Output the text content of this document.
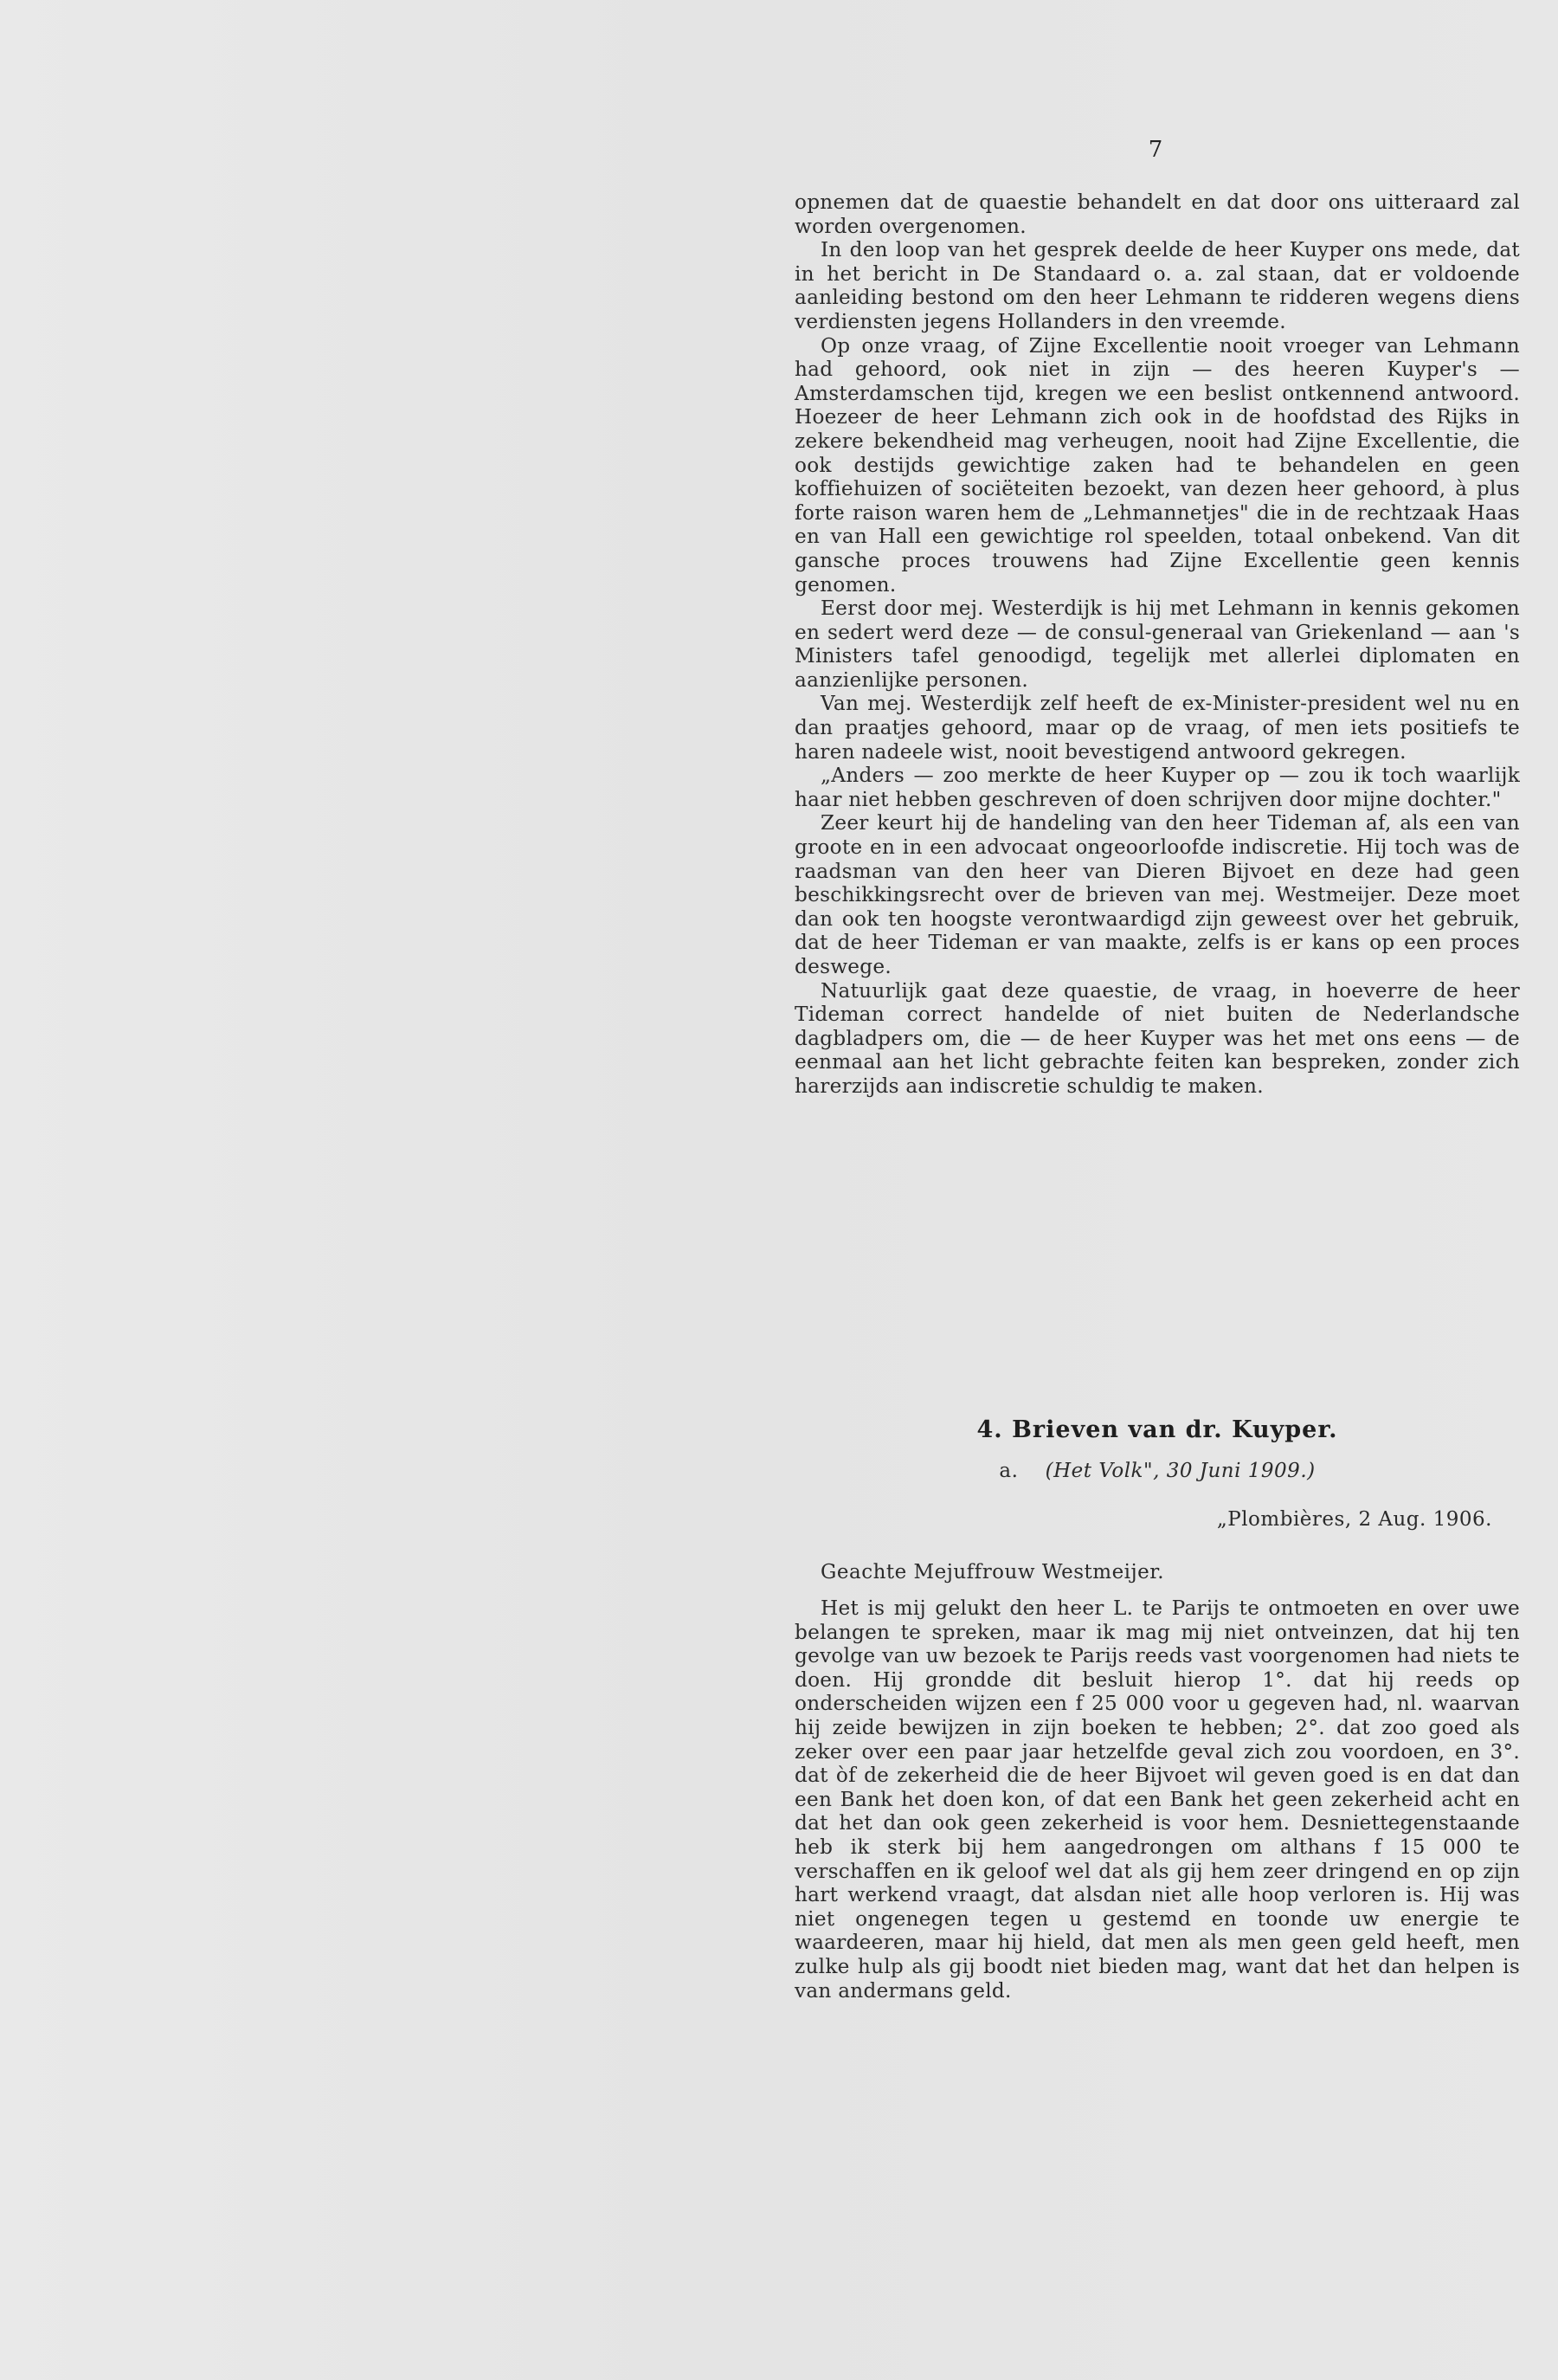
7

opnemen dat de quaestie behandelt en dat door ons uitteraard zal worden overgenomen.

In den loop van het gesprek deelde de heer Kuyper ons mede, dat in het bericht in De Standaard o. a. zal staan, dat er voldoende aanleiding bestond om den heer Lehmann te ridderen wegens diens verdiensten jegens Hollanders in den vreemde.

Op onze vraag, of Zijne Excellentie nooit vroeger van Lehmann had gehoord, ook niet in zijn — des heeren Kuyper's — Amsterdamschen tijd, kregen we een beslist ontkennend antwoord. Hoezeer de heer Lehmann zich ook in de hoofdstad des Rijks in zekere bekendheid mag verheugen, nooit had Zijne Excellentie, die ook destijds gewichtige zaken had te behandelen en geen koffiehuizen of sociëteiten bezoekt, van dezen heer gehoord, à plus forte raison waren hem de „Lehmannetjes" die in de rechtzaak Haas en van Hall een gewichtige rol speelden, totaal onbekend. Van dit gansche proces trouwens had Zijne Excellentie geen kennis genomen.

Eerst door mej. Westerdijk is hij met Lehmann in kennis gekomen en sedert werd deze — de consul-generaal van Griekenland — aan 's Ministers tafel genoodigd, tegelijk met allerlei diplomaten en aanzienlijke personen.

Van mej. Westerdijk zelf heeft de ex-Minister-president wel nu en dan praatjes gehoord, maar op de vraag, of men iets positiefs te haren nadeele wist, nooit bevestigend antwoord gekregen.

„Anders — zoo merkte de heer Kuyper op — zou ik toch waarlijk haar niet hebben geschreven of doen schrijven door mijne dochter."

Zeer keurt hij de handeling van den heer Tideman af, als een van groote en in een advocaat ongeoorloofde indiscretie. Hij toch was de raadsman van den heer van Dieren Bijvoet en deze had geen beschikkingsrecht over de brieven van mej. Westmeijer. Deze moet dan ook ten hoogste verontwaardigd zijn geweest over het gebruik, dat de heer Tideman er van maakte, zelfs is er kans op een proces deswege.

Natuurlijk gaat deze quaestie, de vraag, in hoeverre de heer Tideman correct handelde of niet buiten de Nederlandsche dagbladpers om, die — de heer Kuyper was het met ons eens — de eenmaal aan het licht gebrachte feiten kan bespreken, zonder zich harerzijds aan indiscretie schuldig te maken.

4. Brieven van dr. Kuyper.
a. (Het Volk", 30 Juni 1909.)
„Plombières, 2 Aug. 1906.
Geachte Mejuffrouw Westmeijer.

Het is mij gelukt den heer L. te Parijs te ontmoeten en over uwe belangen te spreken, maar ik mag mij niet ontveinzen, dat hij ten gevolge van uw bezoek te Parijs reeds vast voorgenomen had niets te doen. Hij grondde dit besluit hierop 1°. dat hij reeds op onderscheiden wijzen een f 25 000 voor u gegeven had, nl. waarvan hij zeide bewijzen in zijn boeken te hebben; 2°. dat zoo goed als zeker over een paar jaar hetzelfde geval zich zou voordoen, en 3°. dat òf de zekerheid die de heer Bijvoet wil geven goed is en dat dan een Bank het doen kon, of dat een Bank het geen zekerheid acht en dat het dan ook geen zekerheid is voor hem. Desniettegenstaande heb ik sterk bij hem aangedrongen om althans f 15 000 te verschaffen en ik geloof wel dat als gij hem zeer dringend en op zijn hart werkend vraagt, dat alsdan niet alle hoop verloren is. Hij was niet ongenegen tegen u gestemd en toonde uw energie te waardeeren, maar hij hield, dat men als men geen geld heeft, men zulke hulp als gij boodt niet bieden mag, want dat het dan helpen is van andermans geld.
